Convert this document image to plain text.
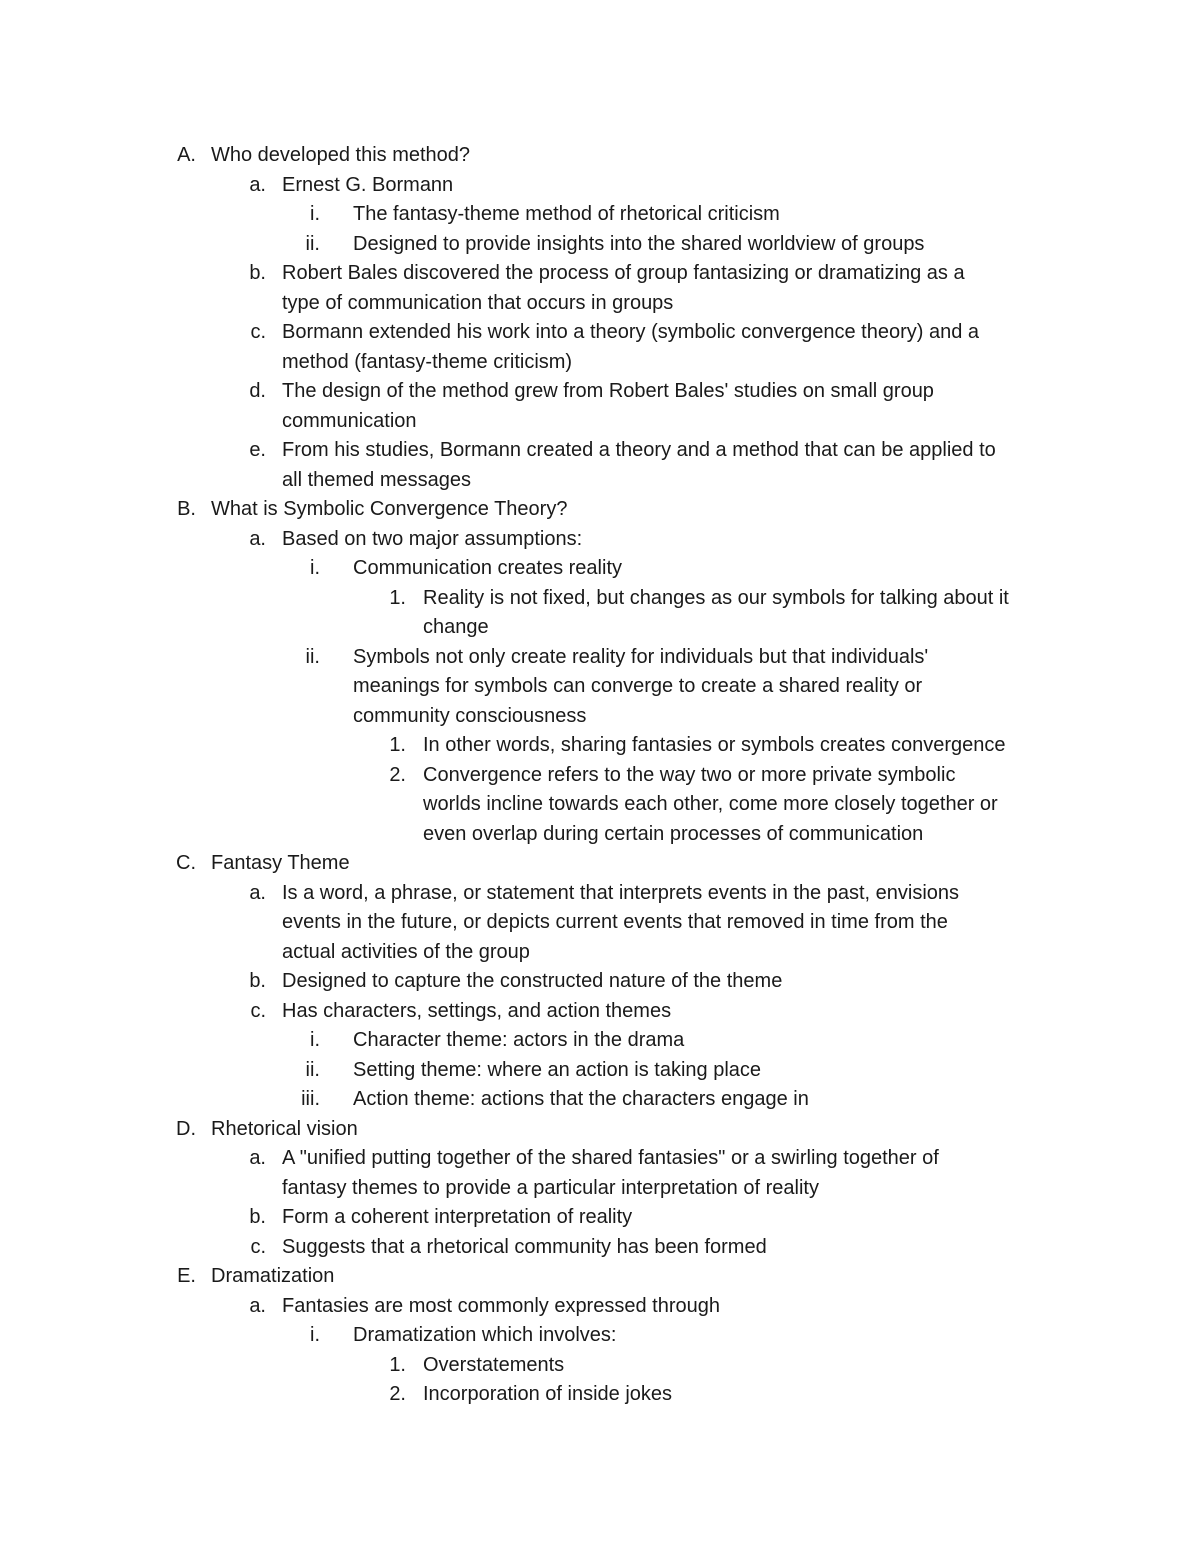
A. Who developed this method?
a. Ernest G. Bormann
i. The fantasy-theme method of rhetorical criticism
ii. Designed to provide insights into the shared worldview of groups
b. Robert Bales discovered the process of group fantasizing or dramatizing as a
type of communication that occurs in groups
c. Bormann extended his work into a theory (symbolic convergence theory) and a
method (fantasy-theme criticism)
d. The design of the method grew from Robert Bales' studies on small group
communication
e. From his studies, Bormann created a theory and a method that can be applied to
all themed messages
B. What is Symbolic Convergence Theory?
a. Based on two major assumptions:
i. Communication creates reality
1. Reality is not fixed, but changes as our symbols for talking about it
change
ii. Symbols not only create reality for individuals but that individuals'
meanings for symbols can converge to create a shared reality or
community consciousness
1. In other words, sharing fantasies or symbols creates convergence
2. Convergence refers to the way two or more private symbolic
worlds incline towards each other, come more closely together or
even overlap during certain processes of communication
C. Fantasy Theme
a. Is a word, a phrase, or statement that interprets events in the past, envisions
events in the future, or depicts current events that removed in time from the
actual activities of the group
b. Designed to capture the constructed nature of the theme
c. Has characters, settings, and action themes
i. Character theme: actors in the drama
ii. Setting theme: where an action is taking place
iii. Action theme: actions that the characters engage in
D. Rhetorical vision
a. A "unified putting together of the shared fantasies" or a swirling together of
fantasy themes to provide a particular interpretation of reality
b. Form a coherent interpretation of reality
c. Suggests that a rhetorical community has been formed
E. Dramatization
a. Fantasies are most commonly expressed through
i. Dramatization which involves:
1. Overstatements
2. Incorporation of inside jokes
